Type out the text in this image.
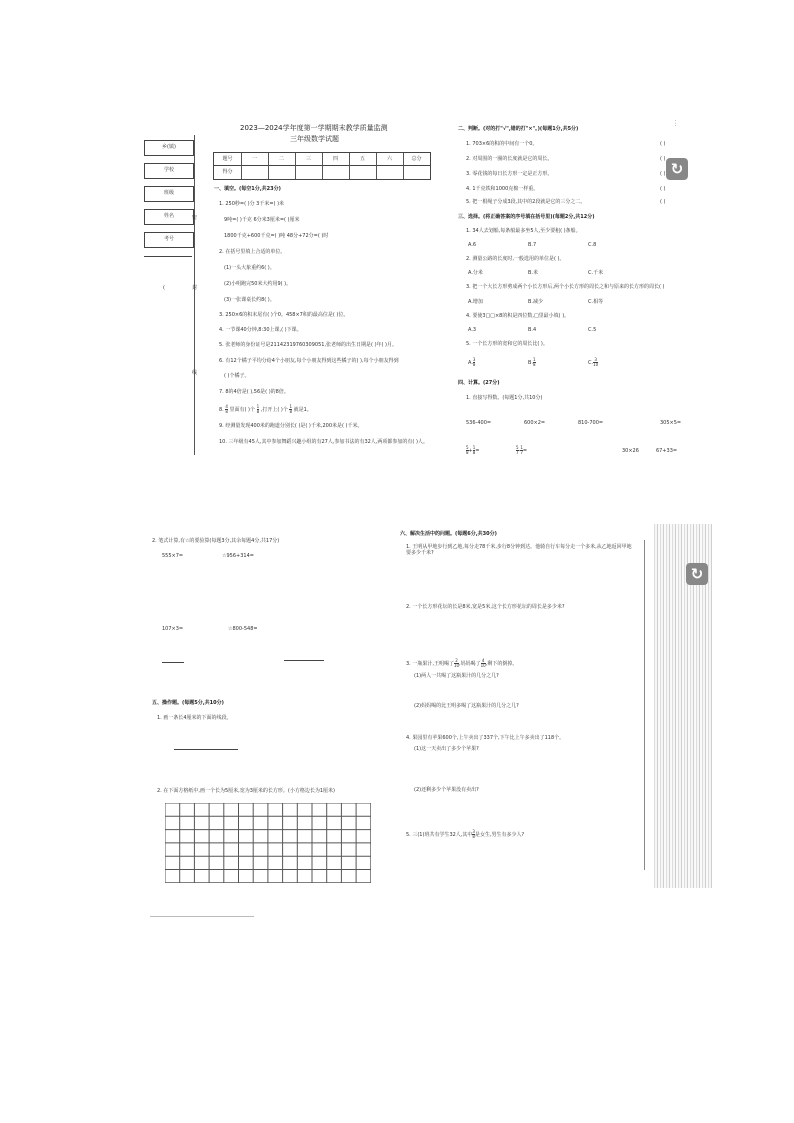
乡(镇)
学校
班级
姓名
考号
密
封
线
(
2023—2024学年度第一学期期末教学质量监测
三年级数学试题
题号	一	二	三	四	五	六	总分
得分
一、填空。(每空1分,共23分)
1. 250秒=( )分 3千米=( )米
9吨=( )千克 6分米3厘米=( )厘米
1800千克+600千克=( )吨 48分+72分=( )时
2. 在括号里填上合适的单位。
(1)一头大象重约6( )。
(2)小明跑完50米大约用9( )。
(3)一张课桌长约8( )。
3. 250×6的积末尾有( )个0。458×7积的最高位是( )位。
4. 一节课40分钟,8:30上课,( )下课。
5. 张老师的身份证号是21142319760309051,张老师的出生日期是( )年( )月。
6. 有12个橘子平均分给4个小朋友,每个小朋友得到这些橘子的( ),每个小朋友得到
( )个橘子。
7. 8的4倍是( ),56是( )的8倍。
8. $\frac{4}{8}$ 里面有( )个 $\frac{1}{8}$ ,打开上( )个 $\frac{1}{8}$ 就是1。
9. 经测量发现400米的跑道分别长( )是( )千米,200米是( )千米。
10. 三年级有45人,其中参加舞蹈兴趣小组的有27人,参加书法的有32人,两项都参加的有( )人。
二、判断。(对的打"√",错的打"×"。)(每题1分,共5分)
1. 703×6的积的中间有一个0。
2. 对周围的一圈的长度就是它的周长。
3. 零花钱的每日长方形一定是正方形。
4. 1千克铁和1000克棉一样重。
5. 把一根绳子分成3段,其中的2段就是它的三分之二。
( )
( )
( )
( )
( )
三、选择。(将正确答案的序号填在括号里)(每题2分,共12分)
1. 34人去划船,每条船最多坐5人,至少要租( )条船。
A.6	B.7	C.8
2. 测量公路的长度时,一般选用的单位是( )。
A.分米	B.米	C.千米
3. 把一个大长方形剪成两个小长方形后,两个小长方形的周长之和与原来的长方形的周长( )
A.增加	B.减少	C.相等
4. 要使3□□×8的积是四位数,□里最小填( )。
A.3	B.4	C.5
5. 一个长方形的宽和它的周长比( )。
A. $\frac{3}{8}$	B. $\frac{1}{8}$	C. $\frac{3}{10}$
四、计算。(27分)
1. 直接写得数。(每题1分,共10分)
536-400=	600×2=	810-700=	305×5=
$\frac{5}{8} + \frac{1}{8}$ =	$\frac{5}{7} - \frac{1}{7}$ =	30×26	67+33=
· · ·
↻
2. 笔式计算,有☆的要验算(每题3分,其余每题4分,共17分)
555×7=	☆956+314=
107×3=	☆800-548=
五、操作题。(每题5分,共10分)
1. 画一条长4厘米的下面的线段。
2. 在下面方格纸中,画一个长为5厘米,宽为3厘米的长方形。(小方格边长为1厘米)
六、解决生活中的问题。(每题6分,共30分)
1. 王明从甲地步行到乙地,每分走78千米,步行8分钟到达。他骑自行车每分走一个多米,从乙地返回甲地要多少千米?
2. 一个长方形花坛的长是8米,宽是5米,这个长方形花坛的周长是多少米?
3. 一瓶果汁,王明喝了 $\frac{2}{10}$ ,妈妈喝了 $\frac{4}{10}$ ,剩下的倒掉。
(1)两人一共喝了这瓶果汁的几分之几?
(2)妈妈喝的比王明多喝了这瓶果汁的几分之几?
4. 果园里有苹果600个,上午卖出了337个,下午比上午多卖出了118个。
(1)这一天卖出了多少个苹果?
(2)还剩多少个苹果没有卖出?
5. 三(1)班共有学生32人,其中 $\frac{3}{8}$ 是女生,男生有多少人?
↻
